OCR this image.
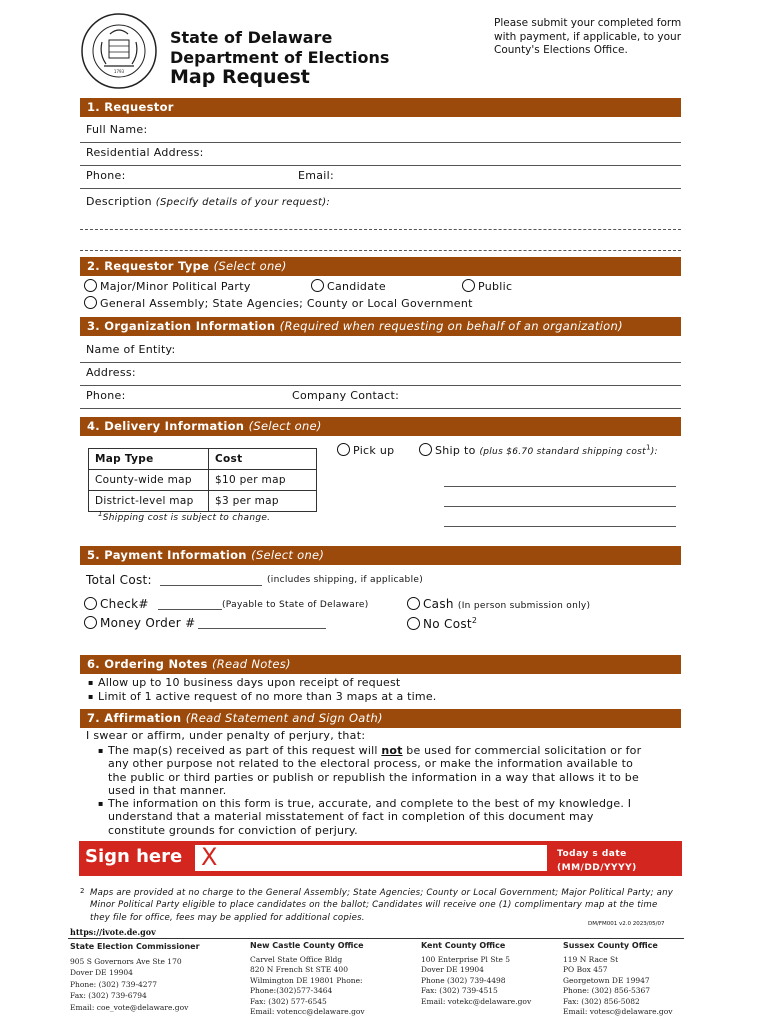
1793
State of Delaware
Department of Elections
Map Request
Please submit your completed form with payment, if applicable, to your County's Elections Office.
1. Requestor
Full Name:
Residential Address:
Phone:	Email:
Description (Specify details of your request):
2. Requestor Type (Select one)
Major/Minor Political Party	Candidate	Public
General Assembly; State Agencies; County or Local Government
3. Organization Information (Required when requesting on behalf of an organization)
Name of Entity:
Address:
Phone:	Company Contact:
4. Delivery Information (Select one)
Map Type	Cost
County-wide map	$10 per map
District-level map	$3 per map
$^1$Shipping cost is subject to change.
Pick up	Ship to (plus $6.70 standard shipping cost$^1$):
5. Payment Information (Select one)
Total Cost:	(includes shipping, if applicable)
Check#	(Payable to State of Delaware)
Money Order #
Cash (In person submission only)
No Cost$^2$
6. Ordering Notes (Read Notes)
▪ Allow up to 10 business days upon receipt of request
▪ Limit of 1 active request of no more than 3 maps at a time.
7. Affirmation (Read Statement and Sign Oath)
I swear or affirm, under penalty of perjury, that:
▪ The map(s) received as part of this request will not be used for commercial solicitation or for any other purpose not related to the electoral process, or make the information available to the public or third parties or publish or republish the information in a way that allows it to be used in that manner.
▪ The information on this form is true, accurate, and complete to the best of my knowledge. I understand that a material misstatement of fact in completion of this document may constitute grounds for conviction of perjury.
Sign here X	Today s date
(MM/DD/YYYY)
2 Maps are provided at no charge to the General Assembly; State Agencies; County or Local Government; Major Political Party; any Minor Political Party eligible to place candidates on the ballot; Candidates will receive one (1) complimentary map at the time they file for office, fees may be applied for additional copies.
DM/FM001 v2.0 2023/05/07
https://ivote.de.gov
State Election Commissioner
905 S Governors Ave Ste 170
Dover DE 19904
Phone: (302) 739-4277
Fax: (302) 739-6794
Email: coe_vote@delaware.gov
New Castle County Office
Carvel State Office Bldg
820 N French St STE 400
Wilmington DE 19801 Phone:
Phone:(302)577-3464
Fax: (302) 577-6545
Email: votencc@delaware.gov
Kent County Office
100 Enterprise Pl Ste 5
Dover DE 19904
Phone (302) 739-4498
Fax: (302) 739-4515
Email: votekc@delaware.gov
Sussex County Office
119 N Race St
PO Box 457
Georgetown DE 19947
Phone: (302) 856-5367
Fax: (302) 856-5082
Email: votesc@delaware.gov
